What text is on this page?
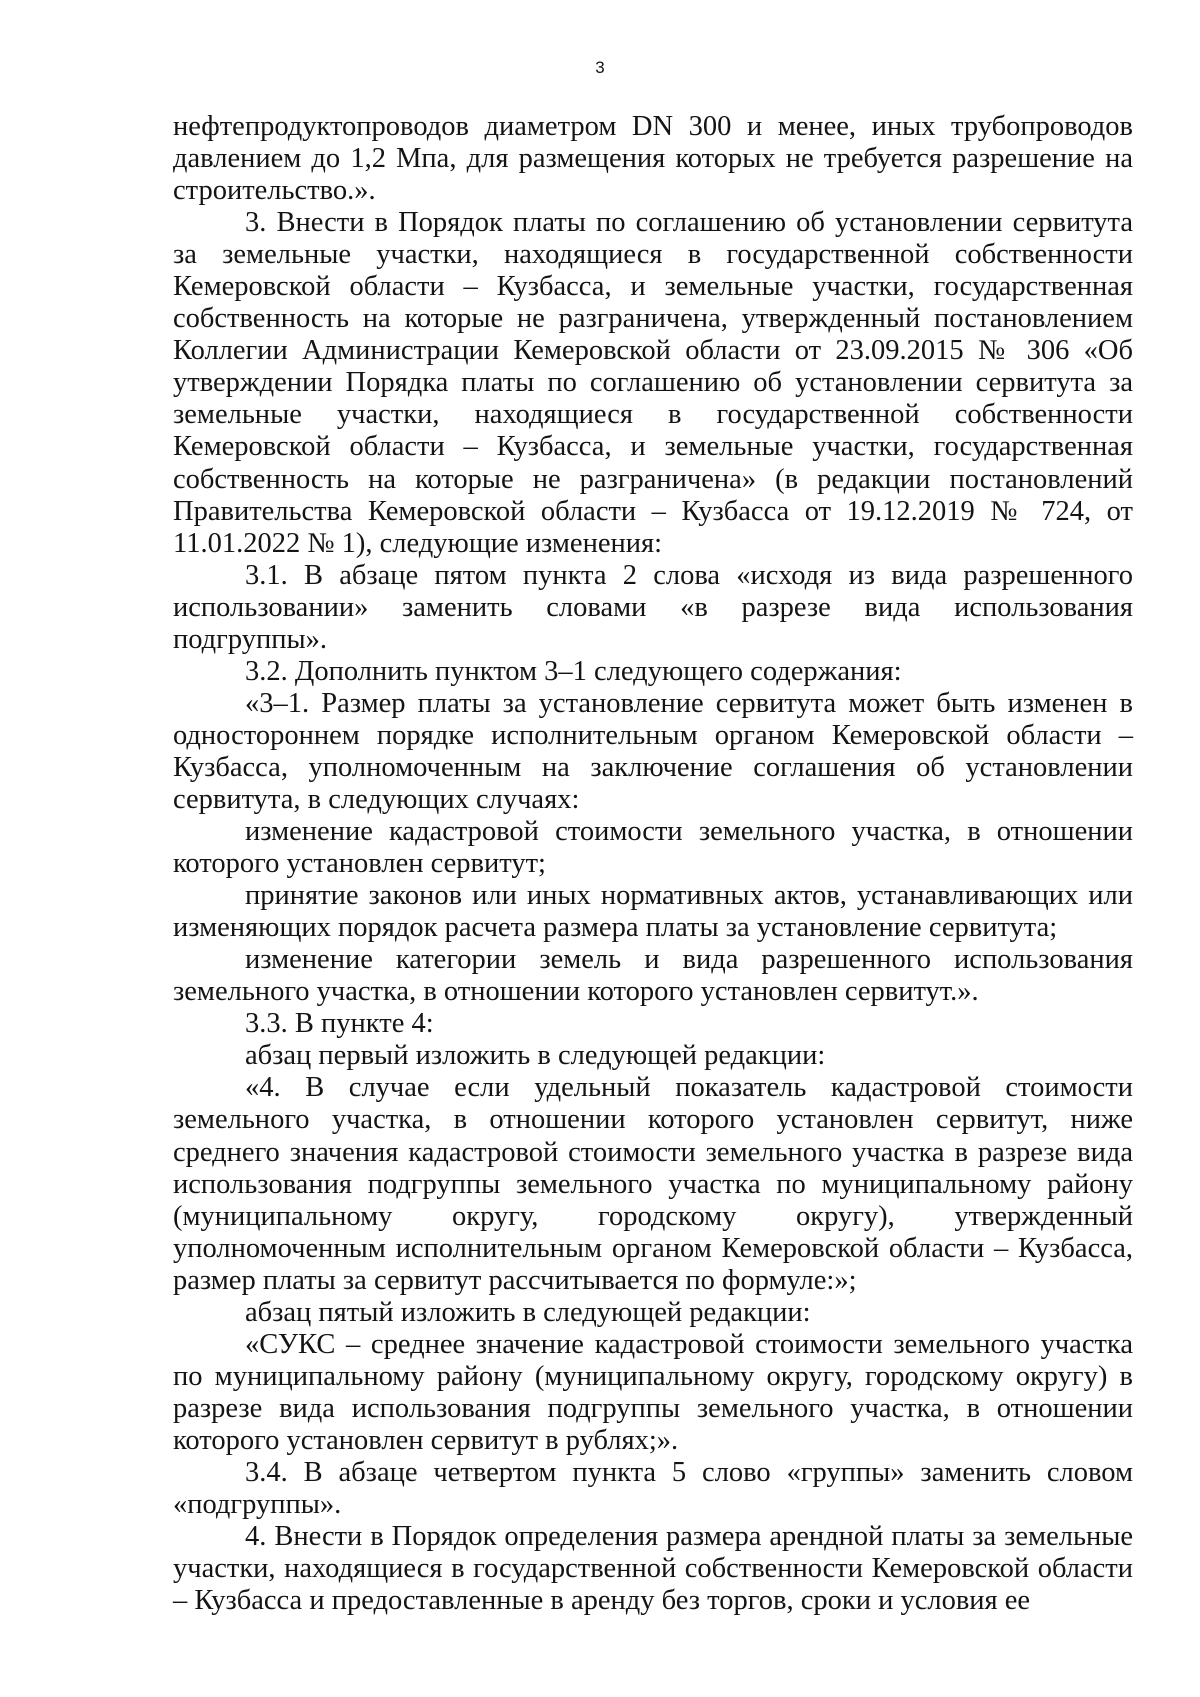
3

нефтепродуктопроводов диаметром DN 300 и менее, иных трубопроводов давлением до 1,2 Мпа, для размещения которых не требуется разрешение на строительство.».

3. Внести в Порядок платы по соглашению об установлении сервитута за земельные участки, находящиеся в государственной собственности Кемеровской области – Кузбасса, и земельные участки, государственная собственность на которые не разграничена, утвержденный постановлением Коллегии Администрации Кемеровской области от 23.09.2015 № 306 «Об утверждении Порядка платы по соглашению об установлении сервитута за земельные участки, находящиеся в государственной собственности Кемеровской области – Кузбасса, и земельные участки, государственная собственность на которые не разграничена» (в редакции постановлений Правительства Кемеровской области – Кузбасса от 19.12.2019 № 724, от 11.01.2022 № 1), следующие изменения:

3.1. В абзаце пятом пункта 2 слова «исходя из вида разрешенного использовании» заменить словами «в разрезе вида использования подгруппы».

3.2. Дополнить пунктом 3–1 следующего содержания:

«3–1. Размер платы за установление сервитута может быть изменен в одностороннем порядке исполнительным органом Кемеровской области – Кузбасса, уполномоченным на заключение соглашения об установлении сервитута, в следующих случаях:

изменение кадастровой стоимости земельного участка, в отношении которого установлен сервитут;

принятие законов или иных нормативных актов, устанавливающих или изменяющих порядок расчета размера платы за установление сервитута;

изменение категории земель и вида разрешенного использования земельного участка, в отношении которого установлен сервитут.».

3.3. В пункте 4:

абзац первый изложить в следующей редакции:

«4. В случае если удельный показатель кадастровой стоимости земельного участка, в отношении которого установлен сервитут, ниже среднего значения кадастровой стоимости земельного участка в разрезе вида использования подгруппы земельного участка по муниципальному району (муниципальному округу, городскому округу), утвержденный уполномоченным исполнительным органом Кемеровской области – Кузбасса, размер платы за сервитут рассчитывается по формуле:»;

абзац пятый изложить в следующей редакции:

«СУКС – среднее значение кадастровой стоимости земельного участка по муниципальному району (муниципальному округу, городскому округу) в разрезе вида использования подгруппы земельного участка, в отношении которого установлен сервитут в рублях;».

3.4. В абзаце четвертом пункта 5 слово «группы» заменить словом «подгруппы».

4. Внести в Порядок определения размера арендной платы за земельные участки, находящиеся в государственной собственности Кемеровской области – Кузбасса и предоставленные в аренду без торгов, сроки и условия ее
